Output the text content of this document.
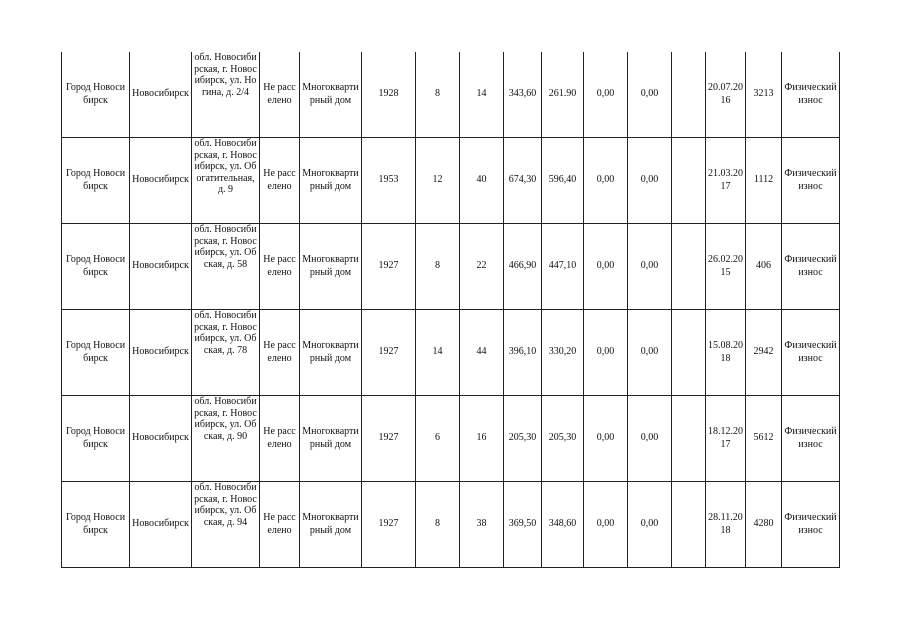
Город Новосибирск	Новосибирск	обл. Новосибирская, г. Новосибирск, ул. Ногина, д. 2/4	Не расселено	Многоквартирный дом	1928	8	14	343,60	261.90	0,00	0,00		20.07.2016	3213	Физический износ
Город Новосибирск	Новосибирск	обл. Новосибирская, г. Новосибирск, ул. Обогатительная, д. 9	Не расселено	Многоквартирный дом	1953	12	40	674,30	596,40	0,00	0,00		21.03.2017	1112	Физический износ
Город Новосибирск	Новосибирск	обл. Новосибирская, г. Новосибирск, ул. Обская, д. 58	Не расселено	Многоквартирный дом	1927	8	22	466,90	447,10	0,00	0,00		26.02.2015	406	Физический износ
Город Новосибирск	Новосибирск	обл. Новосибирская, г. Новосибирск, ул. Обская, д. 78	Не расселено	Многоквартирный дом	1927	14	44	396,10	330,20	0,00	0,00		15.08.2018	2942	Физический износ
Город Новосибирск	Новосибирск	обл. Новосибирская, г. Новосибирск, ул. Обская, д. 90	Не расселено	Многоквартирный дом	1927	6	16	205,30	205,30	0,00	0,00		18.12.2017	5612	Физический износ
Город Новосибирск	Новосибирск	обл. Новосибирская, г. Новосибирск, ул. Обская, д. 94	Не расселено	Многоквартирный дом	1927	8	38	369,50	348,60	0,00	0,00		28.11.2018	4280	Физический износ
